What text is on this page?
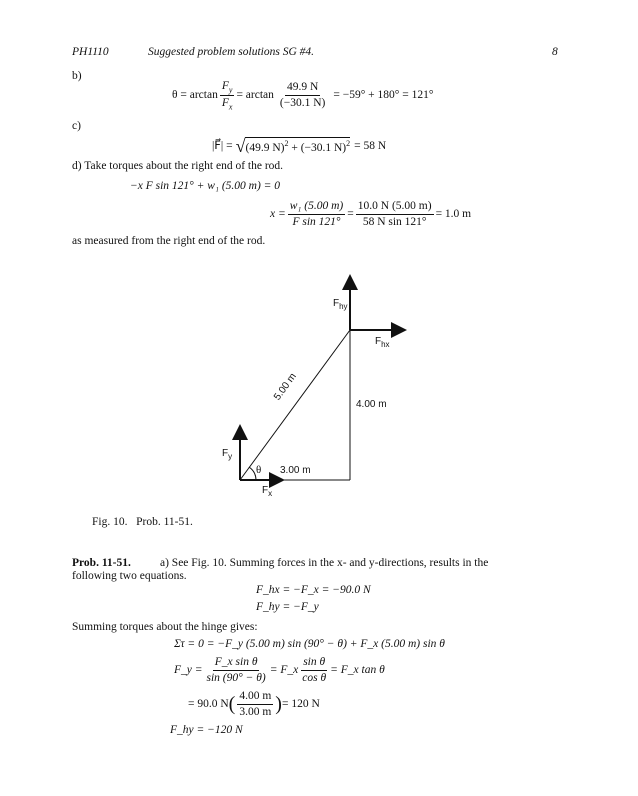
PH1110	Suggested problem solutions SG #4.	8
b)
$\theta = \arctan \frac{F_y}{F_x} = \arctan \frac{49.9 N}{(-30.1 N)} = -59^\circ + 180^\circ = 121^\circ$
c)
|F⃗| = √ (49.9 N)$^2$ + (−30.1 N)$^2$ = 58 N
d) Take torques about the right end of the rod.
−x F sin 121° + w₁ (5.00 m) = 0
$x = \frac{\text{w₁ (5.00 m)}}{\text{F sin 121°}} = \frac{10.0 N (5.00 m)}{\text{58 N sin 121°}} = 1.0$ m
as measured from the right end of the rod.
$F_{hy}$
$F_{hx}$
5.00 m
4.00 m
$F_y$
θ 3.00 m
$F_x$
Fig. 10.   Prob. 11-51.
Prob. 11-51.	a) See Fig. 10. Summing forces in the x- and y-directions, results in the
following two equations.
F_hx = −F_x = −90.0 N
F_hy = −F_y
Summing torques about the hinge gives:
Στ = 0 = −F_y (5.00 m) sin (90° − θ) + F_x (5.00 m) sin θ
F_y = $\frac{\text{F\_x sin θ}}{\sin (90^\circ - \theta)}$ = F_x $\frac{\text{sin θ}}{\text{cos θ}}$ = F_x tan θ
= 90.0 N ( $\frac{4.00 m}{3.00 m}$ ) = 120 N
F_hy = −120 N
